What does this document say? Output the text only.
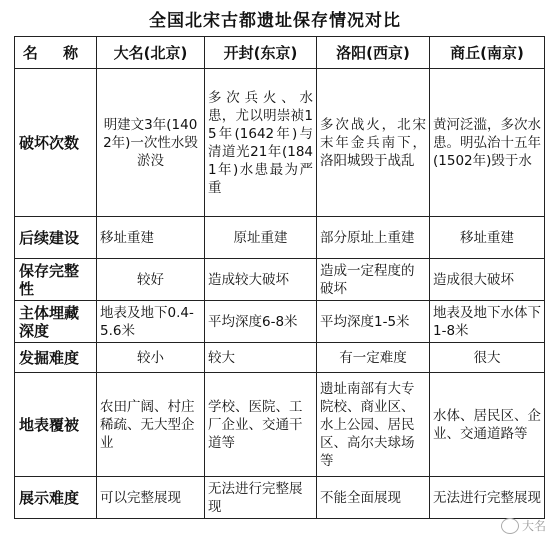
全国北宋古都遗址保存情况对比
名 称	大名(北京)	开封(东京)	洛阳(西京)	商丘(南京)
破坏次数	明建文3年(1402年)一次性水毁淤没	多次兵火、水患，尤以明崇祯15年(1642年)与清道光21年(1841年)水患最为严重	多次战火，北宋末年金兵南下，洛阳城毁于战乱	黄河泛滥，多次水患。明弘治十五年(1502年)毁于水
后续建设	移址重建	原址重建	部分原址上重建	移址重建
保存完整性	较好	造成较大破坏	造成一定程度的破坏	造成很大破坏
主体埋藏深度	地表及地下0.4-5.6米	平均深度6-8米	平均深度1-5米	地表及地下水体下1-8米
发掘难度	较小	较大	有一定难度	很大
地表覆被	农田广阔、村庄稀疏、无大型企业	学校、医院、工厂企业、交通干道等	遗址南部有大专院校、商业区、水上公园、居民区、高尔夫球场等	水体、居民区、企业、交通道路等
展示难度	可以完整展现	无法进行完整展现	不能全面展现	无法进行完整展现
大名
